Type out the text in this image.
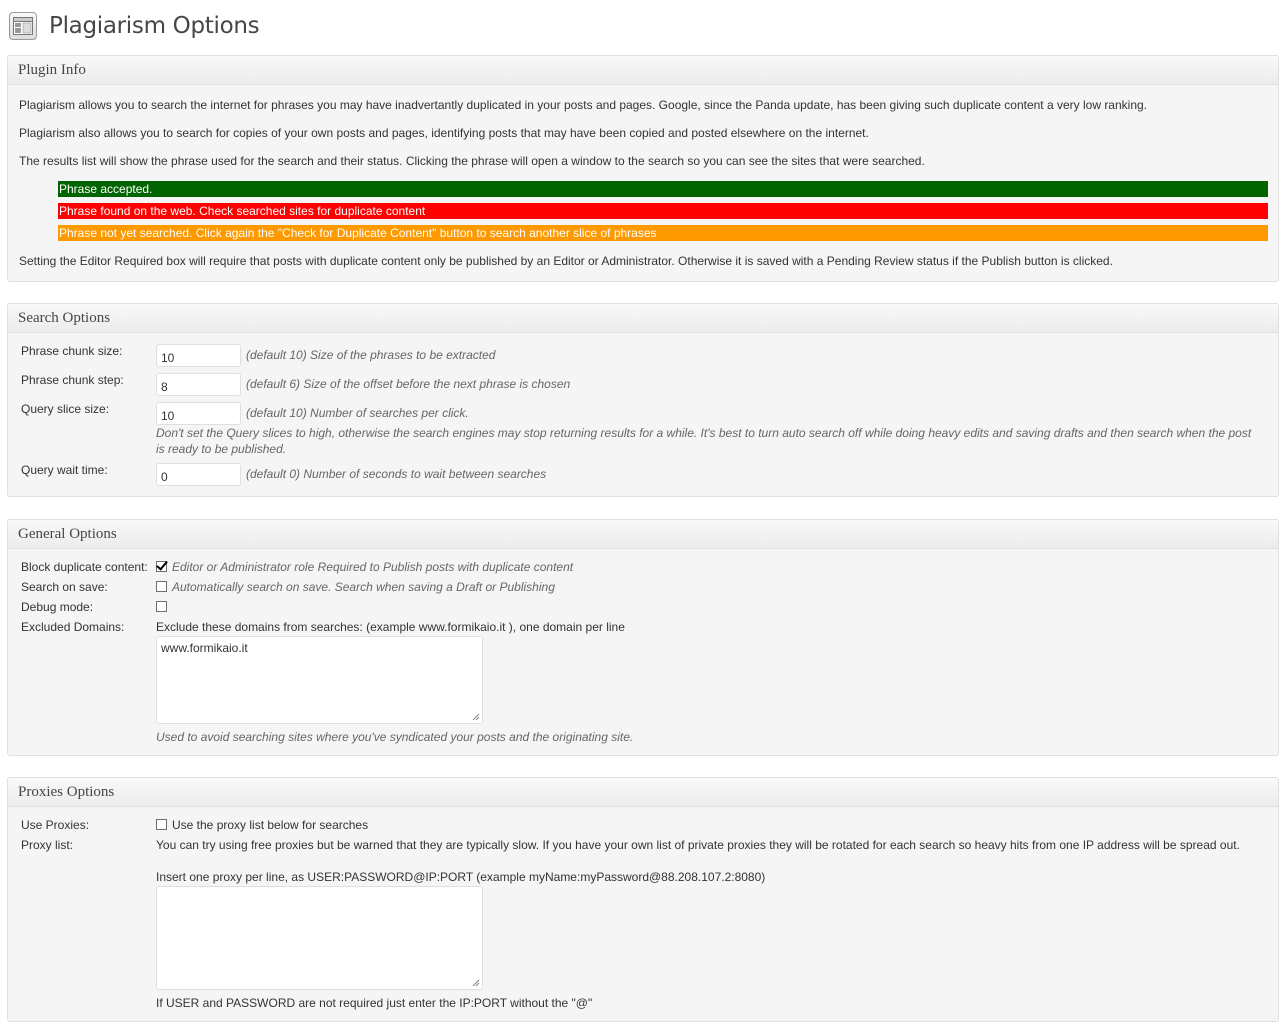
Plagiarism Options
Plugin Info
Plagiarism allows you to search the internet for phrases you may have inadvertantly duplicated in your posts and pages. Google, since the Panda update, has been giving such duplicate content a very low ranking.
Plagiarism also allows you to search for copies of your own posts and pages, identifying posts that may have been copied and posted elsewhere on the internet.
The results list will show the phrase used for the search and their status. Clicking the phrase will open a window to the search so you can see the sites that were searched.
Phrase accepted.
Phrase found on the web. Check searched sites for duplicate content
Phrase not yet searched. Click again the "Check for Duplicate Content" button to search another slice of phrases
Setting the Editor Required box will require that posts with duplicate content only be published by an Editor or Administrator. Otherwise it is saved with a Pending Review status if the Publish button is clicked.
Search Options
Phrase chunk size:
10	(default 10) Size of the phrases to be extracted
Phrase chunk step:
8	(default 6) Size of the offset before the next phrase is chosen
Query slice size:
10	(default 10) Number of searches per click.
Don't set the Query slices to high, otherwise the search engines may stop returning results for a while. It's best to turn auto search off while doing heavy edits and saving drafts and then search when the post is ready to be published.
Query wait time:
0	(default 0) Number of seconds to wait between searches
General Options
Block duplicate content: Editor or Administrator role Required to Publish posts with duplicate content
Search on save:	Automatically search on save. Search when saving a Draft or Publishing
Debug mode:
Excluded Domains:	Exclude these domains from searches: (example www.formikaio.it ), one domain per line
www.formikaio.it
Used to avoid searching sites where you've syndicated your posts and the originating site.
Proxies Options
Use Proxies:	Use the proxy list below for searches
Proxy list:	You can try using free proxies but be warned that they are typically slow. If you have your own list of private proxies they will be rotated for each search so heavy hits from one IP address will be spread out.
Insert one proxy per line, as USER:PASSWORD@IP:PORT (example myName:myPassword@88.208.107.2:8080)
If USER and PASSWORD are not required just enter the IP:PORT without the "@"
